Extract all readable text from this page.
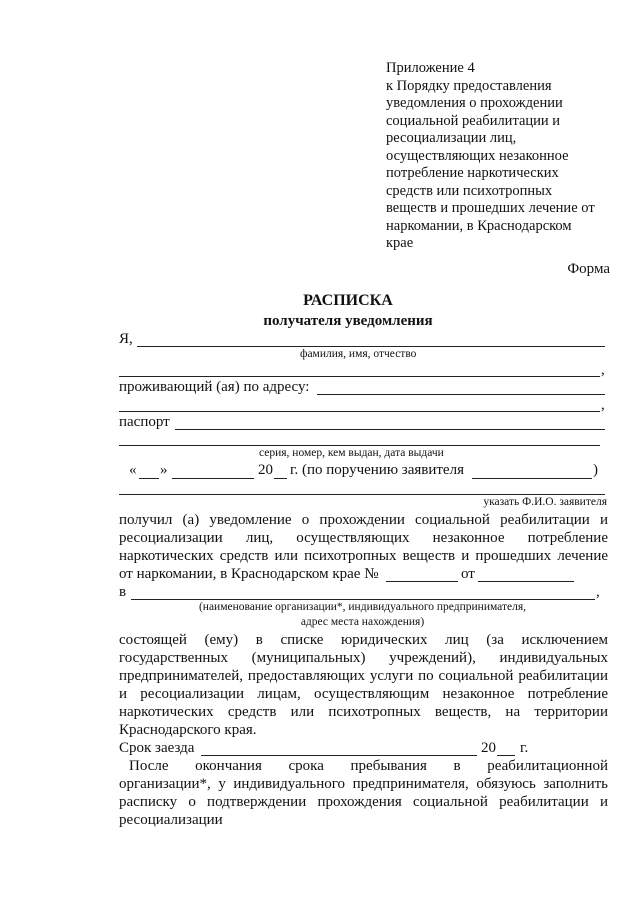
Приложение 4
к Порядку предоставления
уведомления о прохождении
социальной реабилитации и
ресоциализации лиц,
осуществляющих незаконное
потребление наркотических
средств или психотропных
веществ и прошедших лечение от
наркомании, в Краснодарском
крае
Форма
РАСПИСКА
получателя уведомления
Я,
фамилия, имя, отчество
,
проживающий (ая) по адресу:
,
паспорт
серия, номер, кем выдан, дата выдачи
« »	20 г. (по поручению заявителя	)
указать Ф.И.О. заявителя
получил (а) уведомление о прохождении социальной реабилитации и
ресоциализации лиц, осуществляющих незаконное потребление
наркотических средств или психотропных веществ и прошедших лечение
от наркомании, в Краснодарском крае №	от
в	,
(наименование организации*, индивидуального предпринимателя,
адрес места нахождения)
состоящей (ему) в списке юридических лиц (за исключением
государственных (муниципальных) учреждений), индивидуальных
предпринимателей, предоставляющих услуги по социальной реабилитации
и ресоциализации лицам, осуществляющим незаконное потребление
наркотических средств или психотропных веществ, на территории
Краснодарского края.
Срок заезда	20 г.
После окончания срока пребывания в реабилитационной
организации*, у индивидуального предпринимателя, обязуюсь заполнить
расписку о подтверждении прохождения социальной реабилитации и
ресоциализации
